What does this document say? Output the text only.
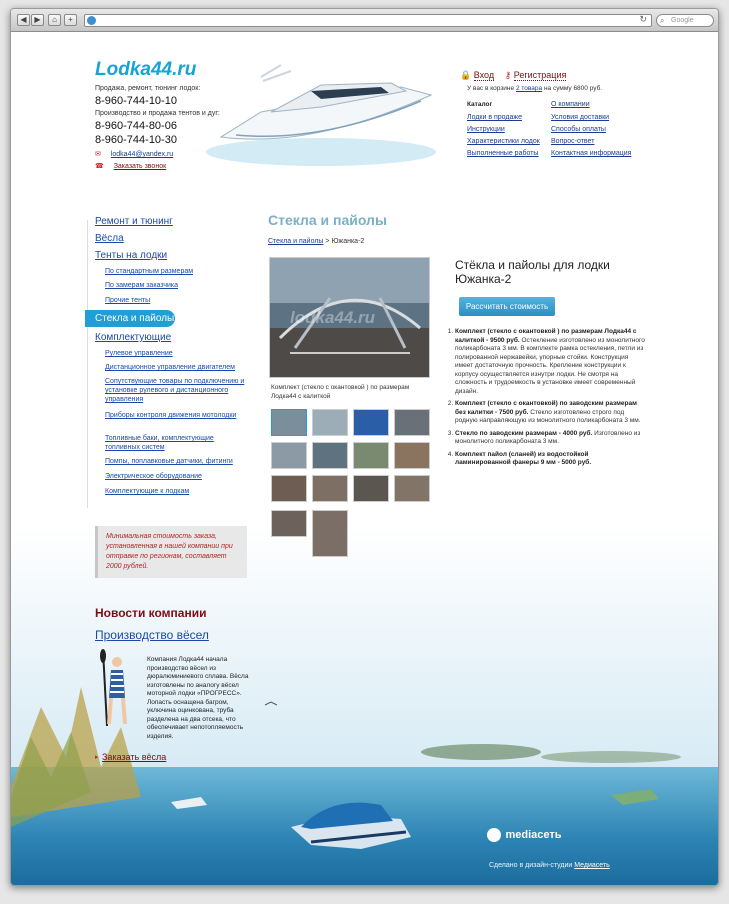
◀ ▶	⌂	+	↻ ⌕ Google
mediaсеть
Сделано в дизайн-студии Медиасеть
Lodka44.ru
Продажа, ремонт, тюнинг лодок:
8-960-744-10-10
Производство и продажа тентов и дуг:
8-960-744-80-06
8-960-744-10-30
✉ lodka44@yandex.ru
☎ Заказать звонок
🔒 Вход ⚷ Регистрация
У вас в корзине 2 товара на сумму 6800 руб.
Каталог
Лодки в продаже
Инструкции
Характеристики лодок
Выполненные работы
О компании
Условия доставки
Способы оплаты
Вопрос-ответ
Контактная информация
Ремонт и тюнинг
Вёсла
Тенты на лодки
По стандартным размерам
По замерам заказчика
Прочие тенты
Стекла и пайолы
Комплектующие
Рулевое управление
Дистанционное управление двигателем
Сопутствующие товары по подключению и установке рулевого и дистанционного управления
Приборы контроля движения мотолодки
Топливные баки, комплектующие топливных систем
Помпы, поплавковые датчики, фитинги
Электрическое оборудование
Комплектующие к лодкам
Минимальная стоимость заказа, установленная в нашей компании при отправке по регионам, составляет 2000 рублей.
Стекла и пайолы
Стекла и пайолы > Южанка-2
lodka44.ru
Комплект (стекло с окантовкой ) по размерам Лодка44 с калиткой
Стёкла и пайолы для лодки Южанка-2
Рассчитать стоимость
1. Комплект (стекло с окантовкой ) по размерам Лодка44 с калиткой - 9500 руб. Остекление изготовлено из монолитного поликарбоната 3 мм. В комплекте рамка остекления, петли из полированной нержавейки, упорные стойки. Конструкция имеет достаточную прочность. Крепление конструкции к корпусу осуществляется изнутри лодки. Не смотря на сложность и трудоемкость в установке имеет современный дизайн.
2. Комплект (стекло с окантовкой) по заводским размерам без калитки - 7500 руб. Стекло изготовлено строго под родную направляющую из монолитного поликарбоната 3 мм.
3. Стекло по заводским размерам - 4000 руб. Изготовлено из монолитного поликарбоната 3 мм.
4. Комплект пайол (слaней) из водостойкой ламинированной фанеры 9 мм - 5000 руб.
Новости компании
Производство вёсел
Компания Лодка44 начала производство вёсел из дюралюминиевого сплава. Вёсла изготовлены по аналогу вёсел моторной лодки «ПРОГРЕСС». Лопасть оснащена багром, уключина оцинкована, труба разделена на два отсека, что обеспечивает непотопляемость изделия.
▸ Заказать вёсла
